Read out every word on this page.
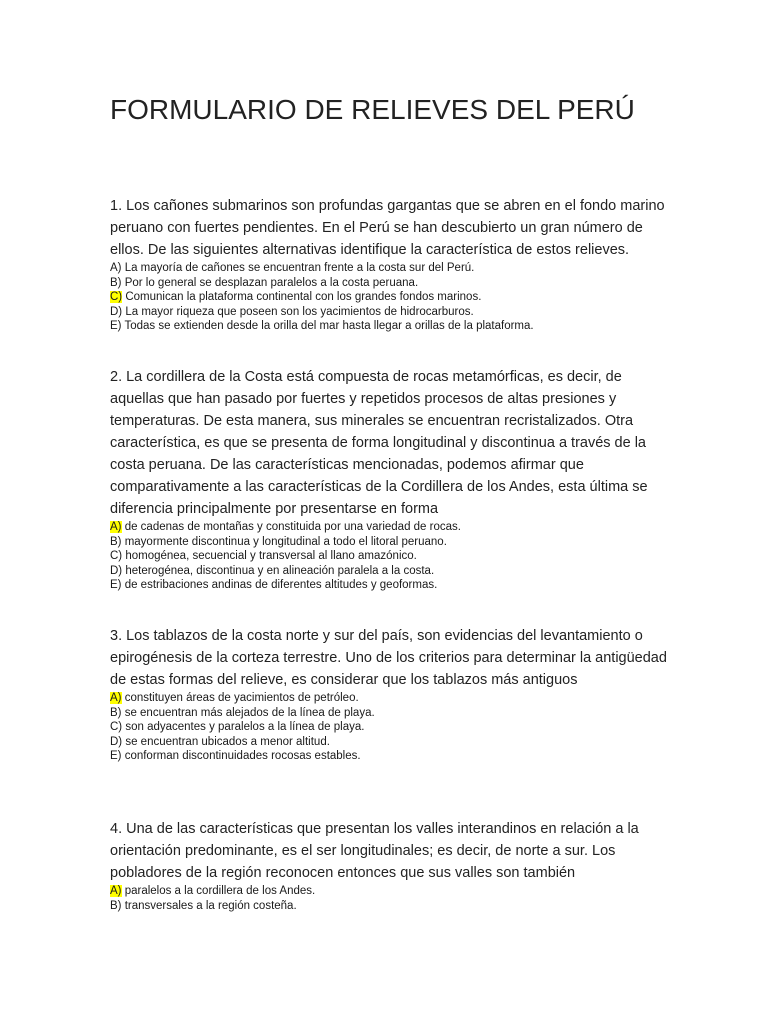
FORMULARIO DE RELIEVES DEL PERÚ

1. Los cañones submarinos son profundas gargantas que se abren en el fondo marino peruano con fuertes pendientes. En el Perú se han descubierto un gran número de ellos. De las siguientes alternativas identifique la característica de estos relieves.

A) La mayoría de cañones se encuentran frente a la costa sur del Perú.
B) Por lo general se desplazan paralelos a la costa peruana.
C) Comunican la plataforma continental con los grandes fondos marinos.
D) La mayor riqueza que poseen son los yacimientos de hidrocarburos.
E) Todas se extienden desde la orilla del mar hasta llegar a orillas de la plataforma.

2. La cordillera de la Costa está compuesta de rocas metamórficas, es decir, de aquellas que han pasado por fuertes y repetidos procesos de altas presiones y temperaturas. De esta manera, sus minerales se encuentran recristalizados. Otra característica, es que se presenta de forma longitudinal y discontinua a través de la costa peruana. De las características mencionadas, podemos afirmar que comparativamente a las características de la Cordillera de los Andes, esta última se diferencia principalmente por presentarse en forma

A) de cadenas de montañas y constituida por una variedad de rocas.
B) mayormente discontinua y longitudinal a todo el litoral peruano.
C) homogénea, secuencial y transversal al llano amazónico.
D) heterogénea, discontinua y en alineación paralela a la costa.
E) de estribaciones andinas de diferentes altitudes y geoformas.

3. Los tablazos de la costa norte y sur del país, son evidencias del levantamiento o epirogénesis de la corteza terrestre. Uno de los criterios para determinar la antigüedad de estas formas del relieve, es considerar que los tablazos más antiguos

A) constituyen áreas de yacimientos de petróleo.
B) se encuentran más alejados de la línea de playa.
C) son adyacentes y paralelos a la línea de playa.
D) se encuentran ubicados a menor altitud.
E) conforman discontinuidades rocosas estables.

4. Una de las características que presentan los valles interandinos en relación a la orientación predominante, es el ser longitudinales; es decir, de norte a sur. Los pobladores de la región reconocen entonces que sus valles son también

A) paralelos a la cordillera de los Andes.
B) transversales a la región costeña.
